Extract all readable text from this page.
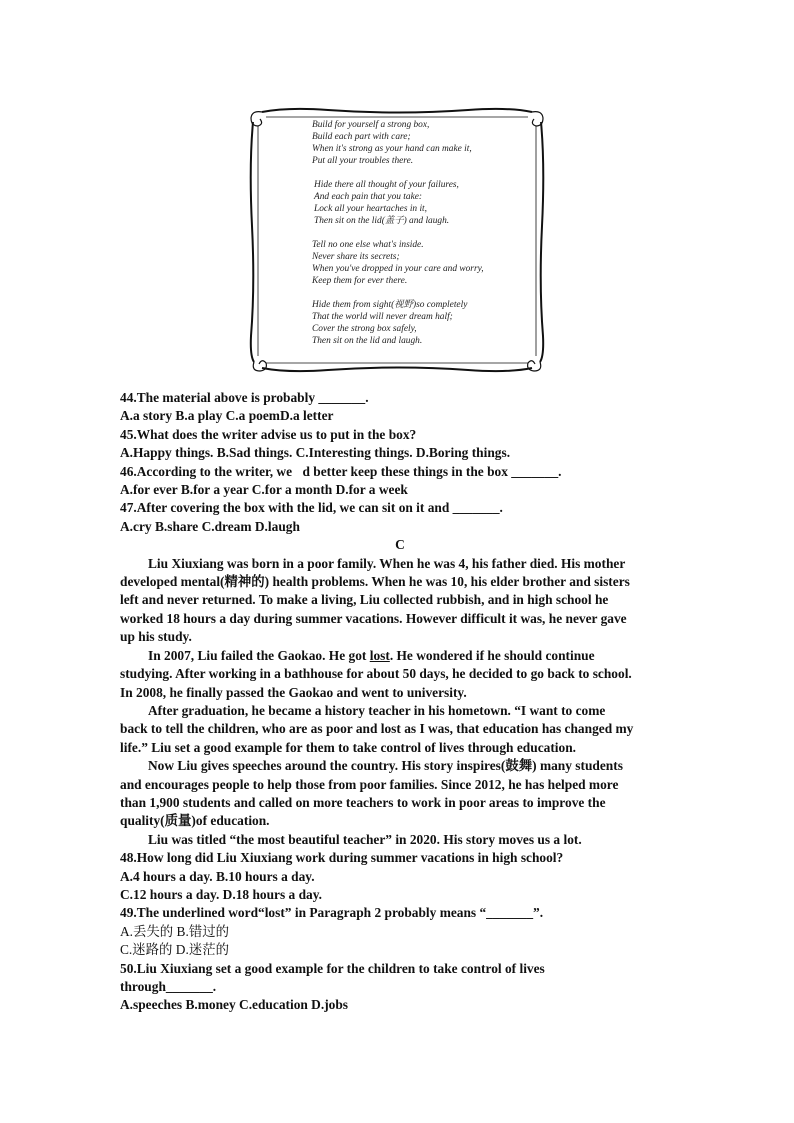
Build for yourself a strong box,
Build each part with care;
When it's strong as your hand can make it,
Put all your troubles there.
Hide there all thought of your failures,
And each pain that you take:
Lock all your heartaches in it,
Then sit on the lid(盖子) and laugh.
Tell no one else what's inside.
Never share its secrets;
When you've dropped in your care and worry,
Keep them for ever there.
Hide them from sight(视野)so completely
That the world will never dream half;
Cover the strong box safely,
Then sit on the lid and laugh.
44.The material above is probably _______.
A.a story B.a play C.a poemD.a letter
45.What does the writer advise us to put in the box?
A.Happy things. B.Sad things. C.Interesting things. D.Boring things.
46.According to the writer, we d better keep these things in the box _______.
A.for ever B.for a year C.for a month D.for a week
47.After covering the box with the lid, we can sit on it and _______.
A.cry B.share C.dream D.laugh
C
Liu Xiuxiang was born in a poor family. When he was 4, his father died. His mother
developed mental(精神的) health problems. When he was 10, his elder brother and sisters
left and never returned. To make a living, Liu collected rubbish, and in high school he
worked 18 hours a day during summer vacations. However difficult it was, he never gave
up his study.
In 2007, Liu failed the Gaokao. He got lost. He wondered if he should continue
studying. After working in a bathhouse for about 50 days, he decided to go back to school.
In 2008, he finally passed the Gaokao and went to university.
After graduation, he became a history teacher in his hometown. “I want to come
back to tell the children, who are as poor and lost as I was, that education has changed my
life.” Liu set a good example for them to take control of lives through education.
Now Liu gives speeches around the country. His story inspires(鼓舞) many students
and encourages people to help those from poor families. Since 2012, he has helped more
than 1,900 students and called on more teachers to work in poor areas to improve the
quality(质量)of education.
Liu was titled “the most beautiful teacher” in 2020. His story moves us a lot.
48.How long did Liu Xiuxiang work during summer vacations in high school?
A.4 hours a day. B.10 hours a day.
C.12 hours a day. D.18 hours a day.
49.The underlined word“lost” in Paragraph 2 probably means “_______”.
A.丢失的 B.错过的
C.迷路的 D.迷茫的
50.Liu Xiuxiang set a good example for the children to take control of lives
through_______.
A.speeches B.money C.education D.jobs
